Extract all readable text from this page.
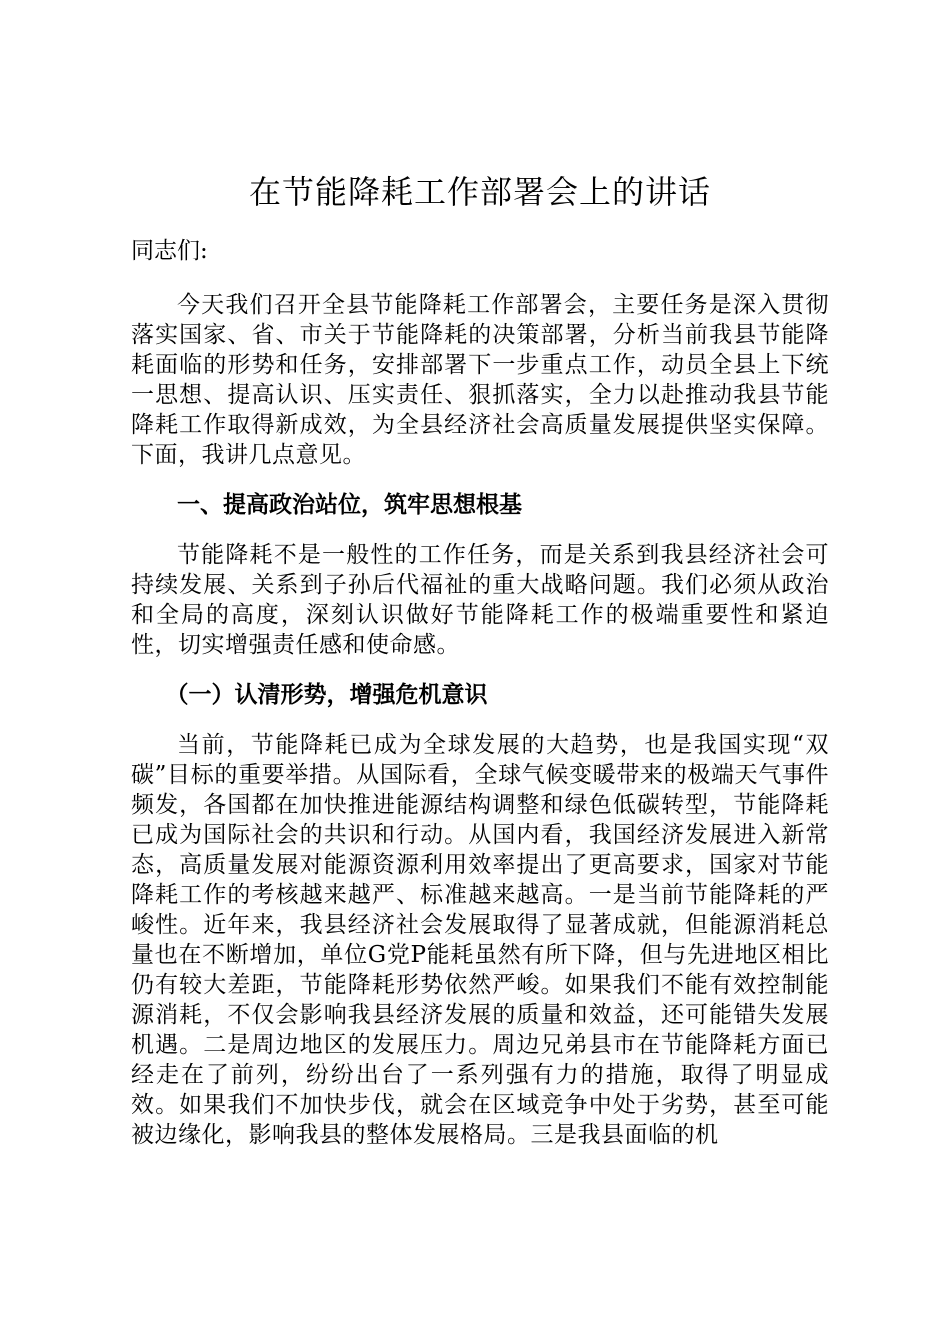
在节能降耗工作部署会上的讲话

同志们:

今天我们召开全县节能降耗工作部署会，主要任务是深入贯彻落实国家、省、市关于节能降耗的决策部署，分析当前我县节能降耗面临的形势和任务，安排部署下一步重点工作，动员全县上下统一思想、提高认识、压实责任、狠抓落实，全力以赴推动我县节能降耗工作取得新成效，为全县经济社会高质量发展提供坚实保障。下面，我讲几点意见。

一、提高政治站位，筑牢思想根基

节能降耗不是一般性的工作任务，而是关系到我县经济社会可持续发展、关系到子孙后代福祉的重大战略问题。我们必须从政治和全局的高度，深刻认识做好节能降耗工作的极端重要性和紧迫性，切实增强责任感和使命感。

（一）认清形势，增强危机意识

当前，节能降耗已成为全球发展的大趋势，也是我国实现“双碳”目标的重要举措。从国际看，全球气候变暖带来的极端天气事件频发，各国都在加快推进能源结构调整和绿色低碳转型，节能降耗已成为国际社会的共识和行动。从国内看，我国经济发展进入新常态，高质量发展对能源资源利用效率提出了更高要求，国家对节能降耗工作的考核越来越严、标准越来越高。一是当前节能降耗的严峻性。近年来，我县经济社会发展取得了显著成就，但能源消耗总量也在不断增加，单位G党P能耗虽然有所下降，但与先进地区相比仍有较大差距，节能降耗形势依然严峻。如果我们不能有效控制能源消耗，不仅会影响我县经济发展的质量和效益，还可能错失发展机遇。二是周边地区的发展压力。周边兄弟县市在节能降耗方面已经走在了前列，纷纷出台了一系列强有力的措施，取得了明显成效。如果我们不加快步伐，就会在区域竞争中处于劣势，甚至可能被边缘化，影响我县的整体发展格局。三是我县面临的机
